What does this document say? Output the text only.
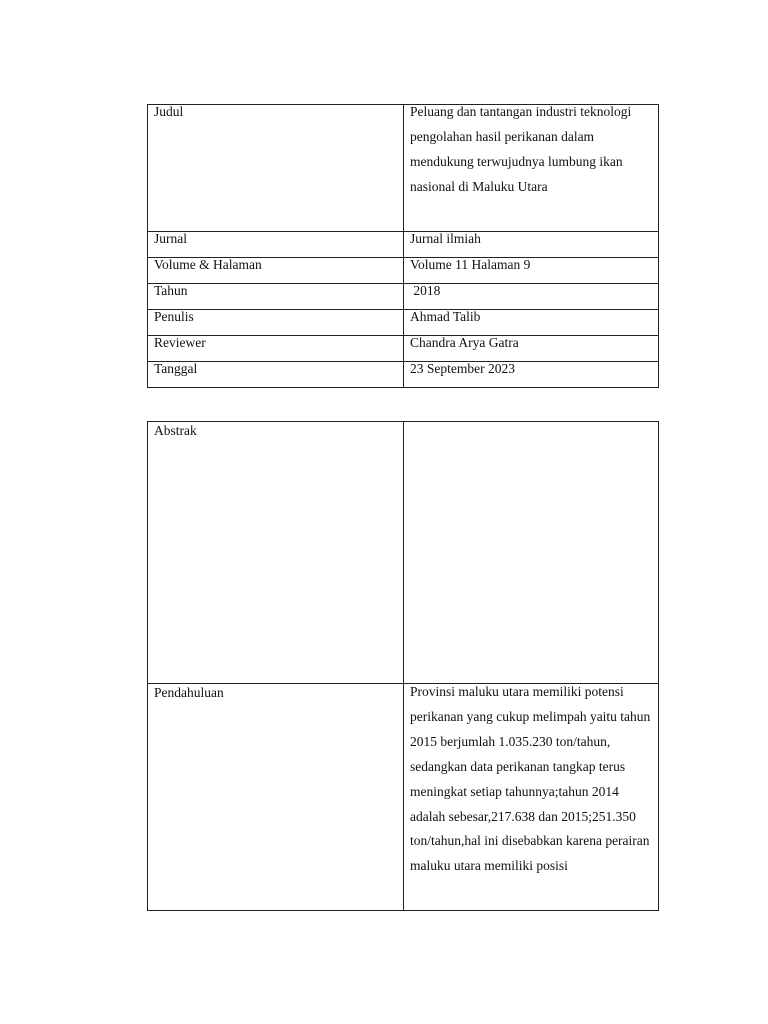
Judul	Peluang dan tantangan industri teknologi pengolahan hasil perikanan dalam mendukung terwujudnya lumbung ikan nasional di Maluku Utara

Jurnal	Jurnal ilmiah

Volume & Halaman	Volume 11 Halaman 9

Tahun	2018

Penulis	Ahmad Talib

Reviewer	Chandra Arya Gatra

Tanggal	23 September 2023
Abstrak	

Pendahuluan	Provinsi maluku utara memiliki potensi perikanan yang cukup melimpah yaitu tahun 2015 berjumlah 1.035.230 ton/tahun, sedangkan data perikanan tangkap terus meningkat setiap tahunnya;tahun 2014 adalah sebesar,217.638 dan 2015;251.350 ton/tahun,hal ini disebabkan karena perairan maluku utara memiliki posisi
